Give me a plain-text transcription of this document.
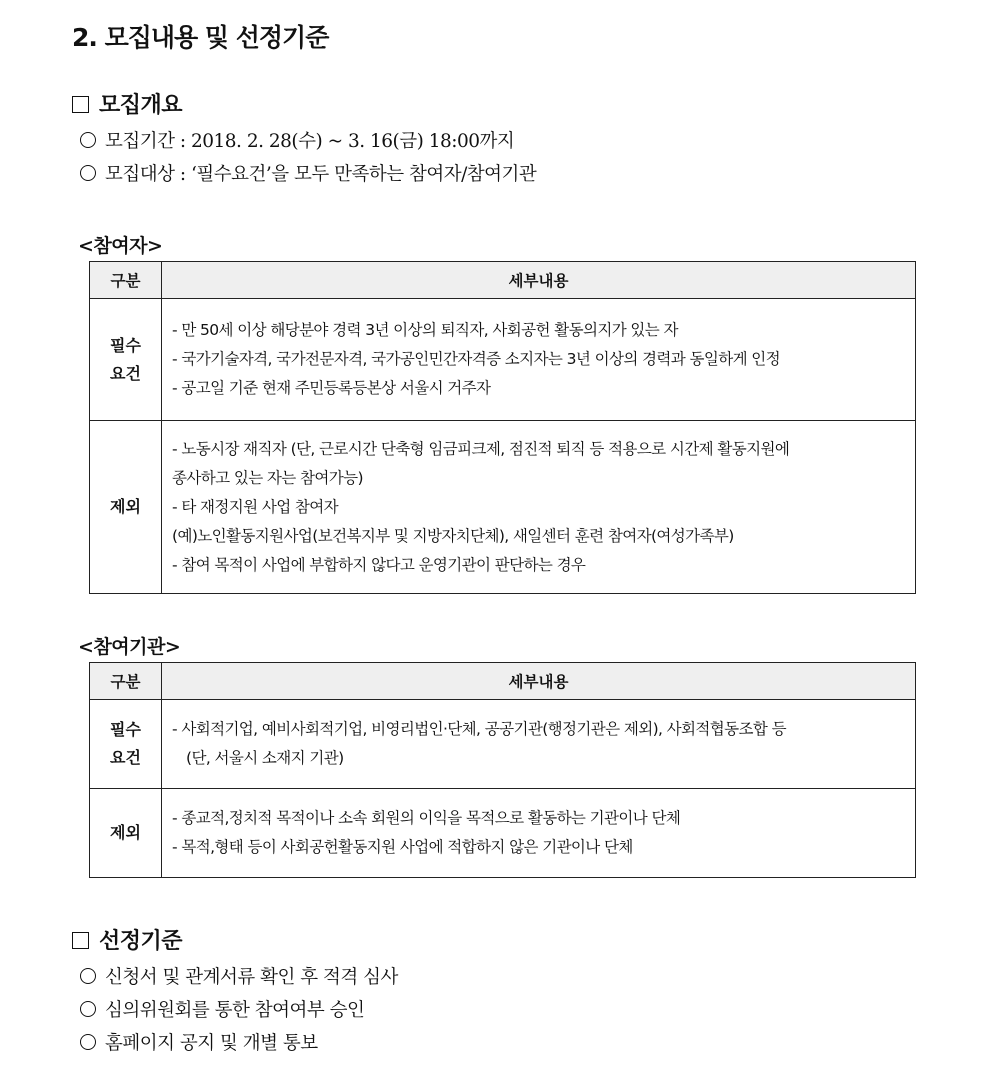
2. 모집내용 및 선정기준
모집개요
모집기간 : 2018. 2. 28(수) ~ 3. 16(금) 18:00까지
모집대상 : ‘필수요건’을 모두 만족하는 참여자/참여기관
<참여자>
구분	세부내용

필수
요건	- 만 50세 이상 해당분야 경력 3년 이상의 퇴직자, 사회공헌 활동의지가 있는 자
- 국가기술자격, 국가전문자격, 국가공인민간자격증 소지자는 3년 이상의 경력과 동일하게 인정
- 공고일 기준 현재 주민등록등본상 서울시 거주자

제외	- 노동시장 재직자 (단, 근로시간 단축형 임금피크제, 점진적 퇴직 등 적용으로 시간제 활동지원에
종사하고 있는 자는 참여가능)
- 타 재정지원 사업 참여자
(예)노인활동지원사업(보건복지부 및 지방자치단체), 새일센터 훈련 참여자(여성가족부)
- 참여 목적이 사업에 부합하지 않다고 운영기관이 판단하는 경우
<참여기관>
구분	세부내용

필수
요건	- 사회적기업, 예비사회적기업, 비영리법인·단체, 공공기관(행정기관은 제외), 사회적협동조합 등
(단, 서울시 소재지 기관)

제외	- 종교적,정치적 목적이나 소속 회원의 이익을 목적으로 활동하는 기관이나 단체
- 목적,형태 등이 사회공헌활동지원 사업에 적합하지 않은 기관이나 단체
선정기준
신청서 및 관계서류 확인 후 적격 심사
심의위원회를 통한 참여여부 승인
홈페이지 공지 및 개별 통보
